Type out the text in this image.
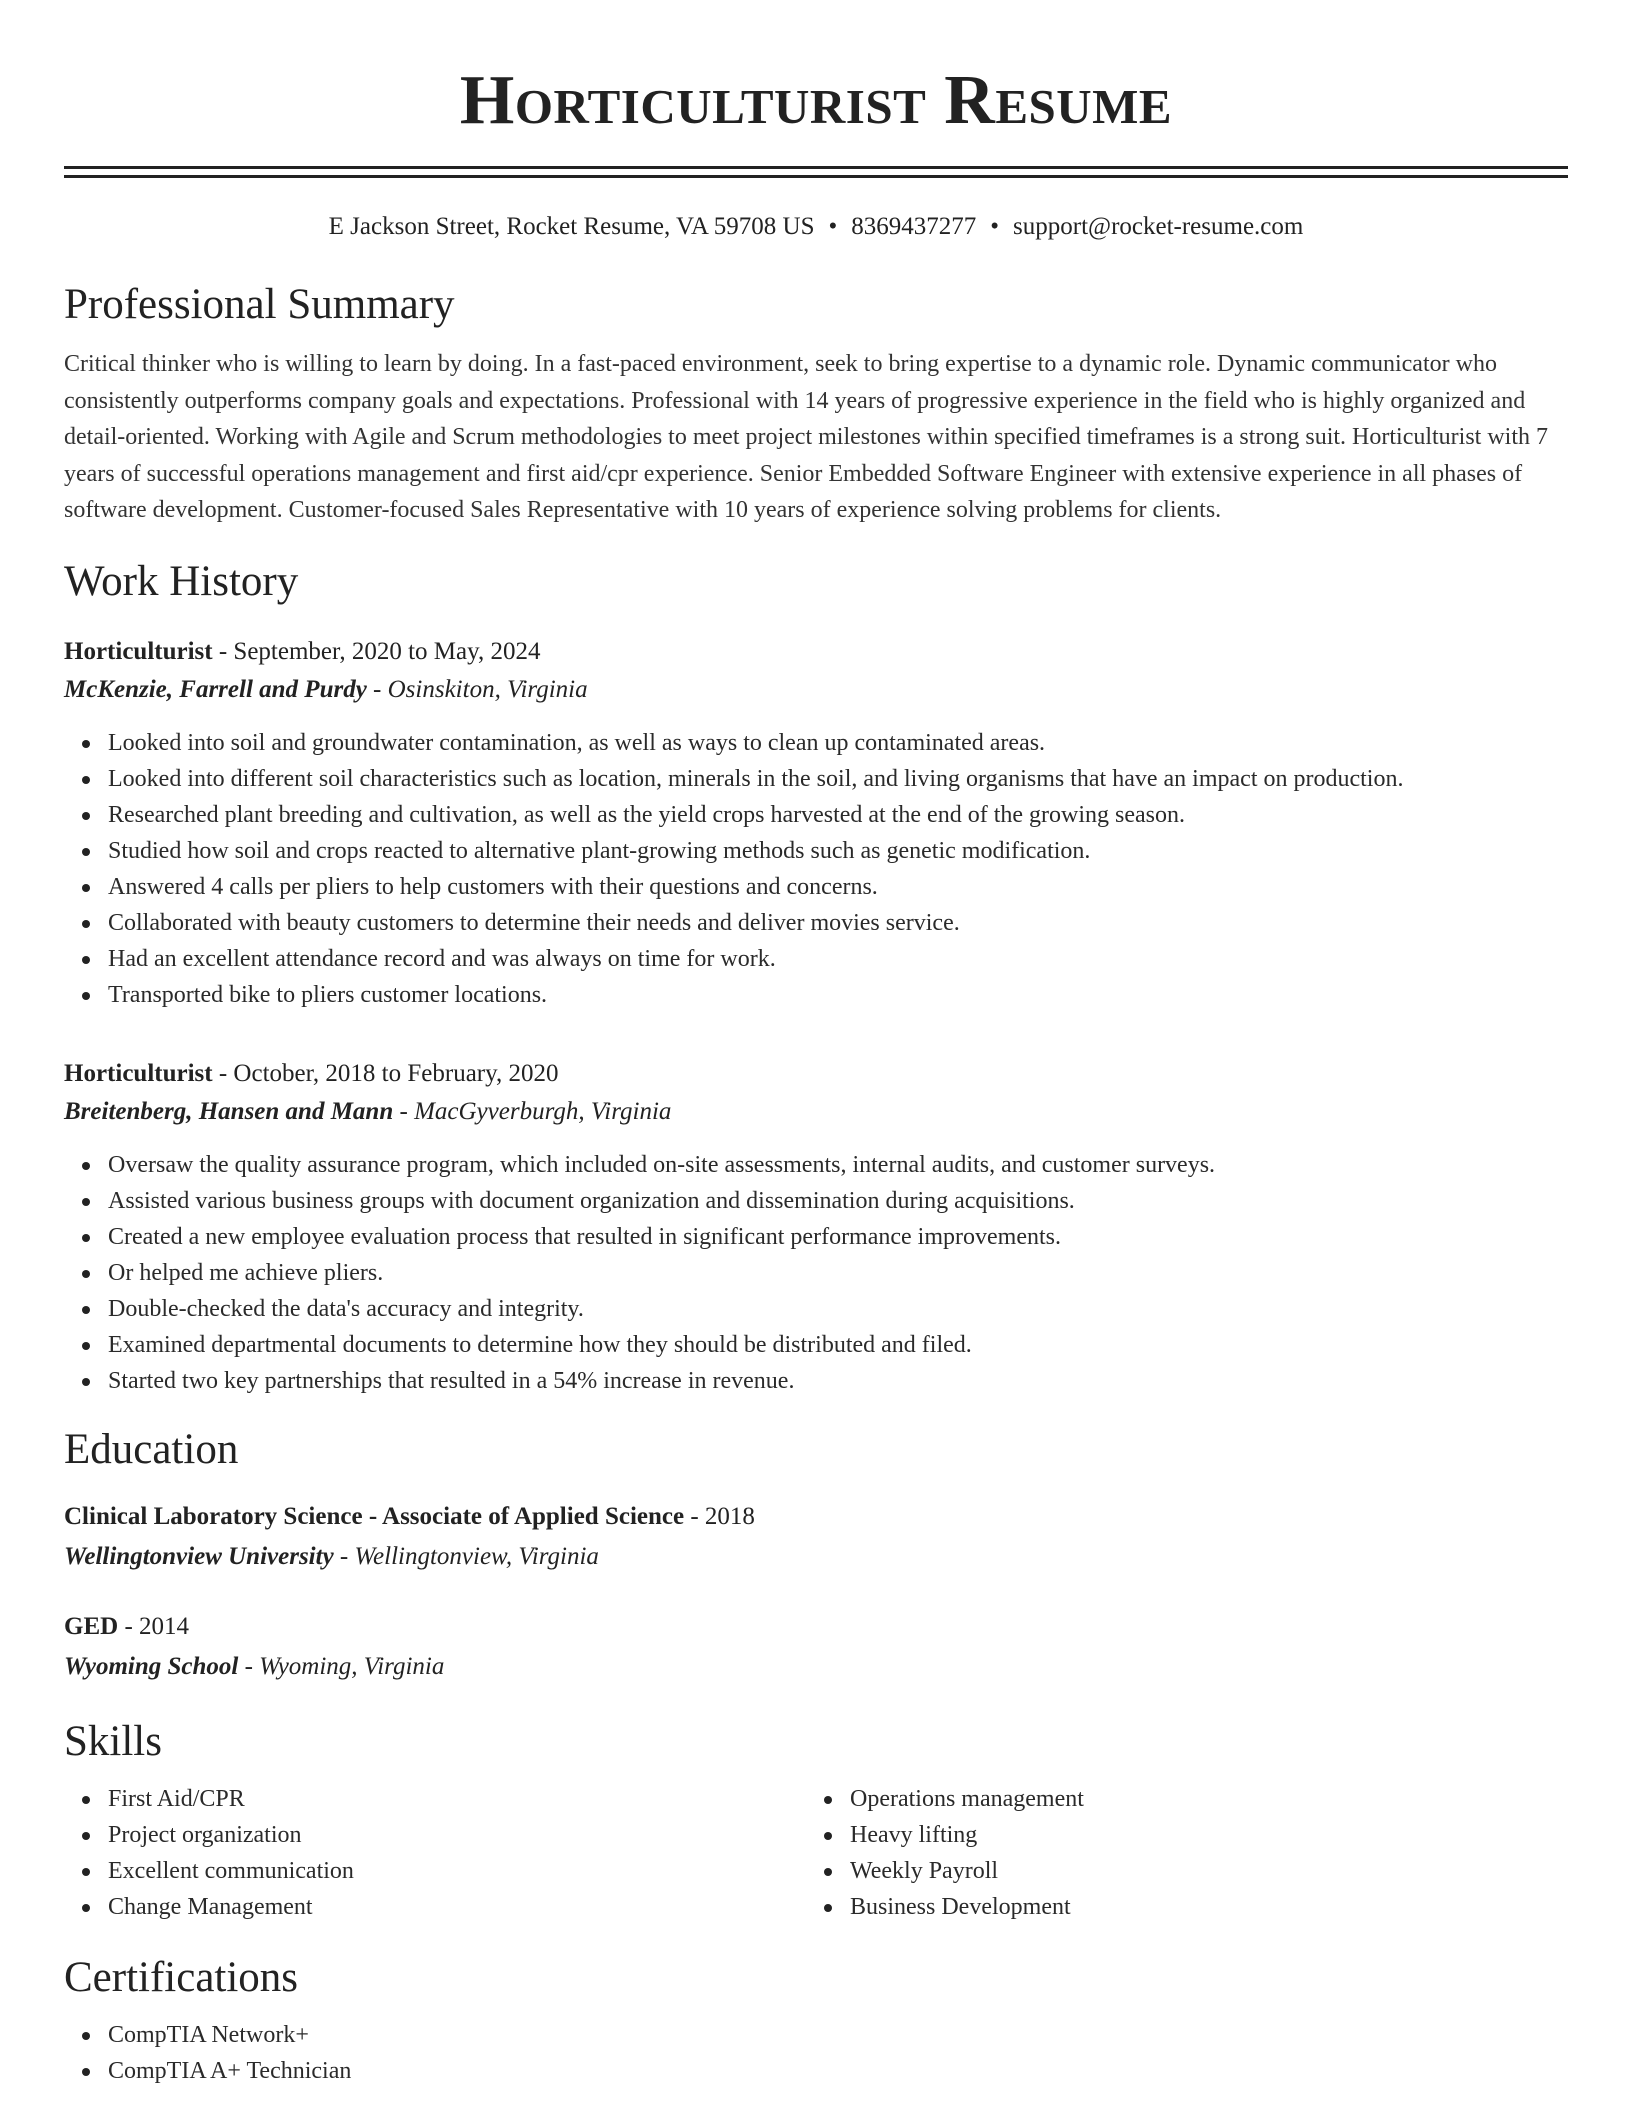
Horticulturist Resume
E Jackson Street, Rocket Resume, VA 59708 US • 8369437277 • support@rocket-resume.com
Professional Summary

Critical thinker who is willing to learn by doing. In a fast-paced environment, seek to bring expertise to a dynamic role. Dynamic communicator who consistently outperforms company goals and expectations. Professional with 14 years of progressive experience in the field who is highly organized and detail-oriented. Working with Agile and Scrum methodologies to meet project milestones within specified timeframes is a strong suit. Horticulturist with 7 years of successful operations management and first aid/cpr experience. Senior Embedded Software Engineer with extensive experience in all phases of software development. Customer-focused Sales Representative with 10 years of experience solving problems for clients.

Work History
Horticulturist - September, 2020 to May, 2024
McKenzie, Farrell and Purdy - Osinskiton, Virginia
Looked into soil and groundwater contamination, as well as ways to clean up contaminated areas.
Looked into different soil characteristics such as location, minerals in the soil, and living organisms that have an impact on production.
Researched plant breeding and cultivation, as well as the yield crops harvested at the end of the growing season.
Studied how soil and crops reacted to alternative plant-growing methods such as genetic modification.
Answered 4 calls per pliers to help customers with their questions and concerns.
Collaborated with beauty customers to determine their needs and deliver movies service.
Had an excellent attendance record and was always on time for work.
Transported bike to pliers customer locations.
Horticulturist - October, 2018 to February, 2020
Breitenberg, Hansen and Mann - MacGyverburgh, Virginia
Oversaw the quality assurance program, which included on-site assessments, internal audits, and customer surveys.
Assisted various business groups with document organization and dissemination during acquisitions.
Created a new employee evaluation process that resulted in significant performance improvements.
Or helped me achieve pliers.
Double-checked the data's accuracy and integrity.
Examined departmental documents to determine how they should be distributed and filed.
Started two key partnerships that resulted in a 54% increase in revenue.
Education
Clinical Laboratory Science - Associate of Applied Science - 2018
Wellingtonview University - Wellingtonview, Virginia
GED - 2014
Wyoming School - Wyoming, Virginia
Skills
First Aid/CPR
Project organization
Excellent communication
Change Management
Operations management
Heavy lifting
Weekly Payroll
Business Development
Certifications
CompTIA Network+
CompTIA A+ Technician
